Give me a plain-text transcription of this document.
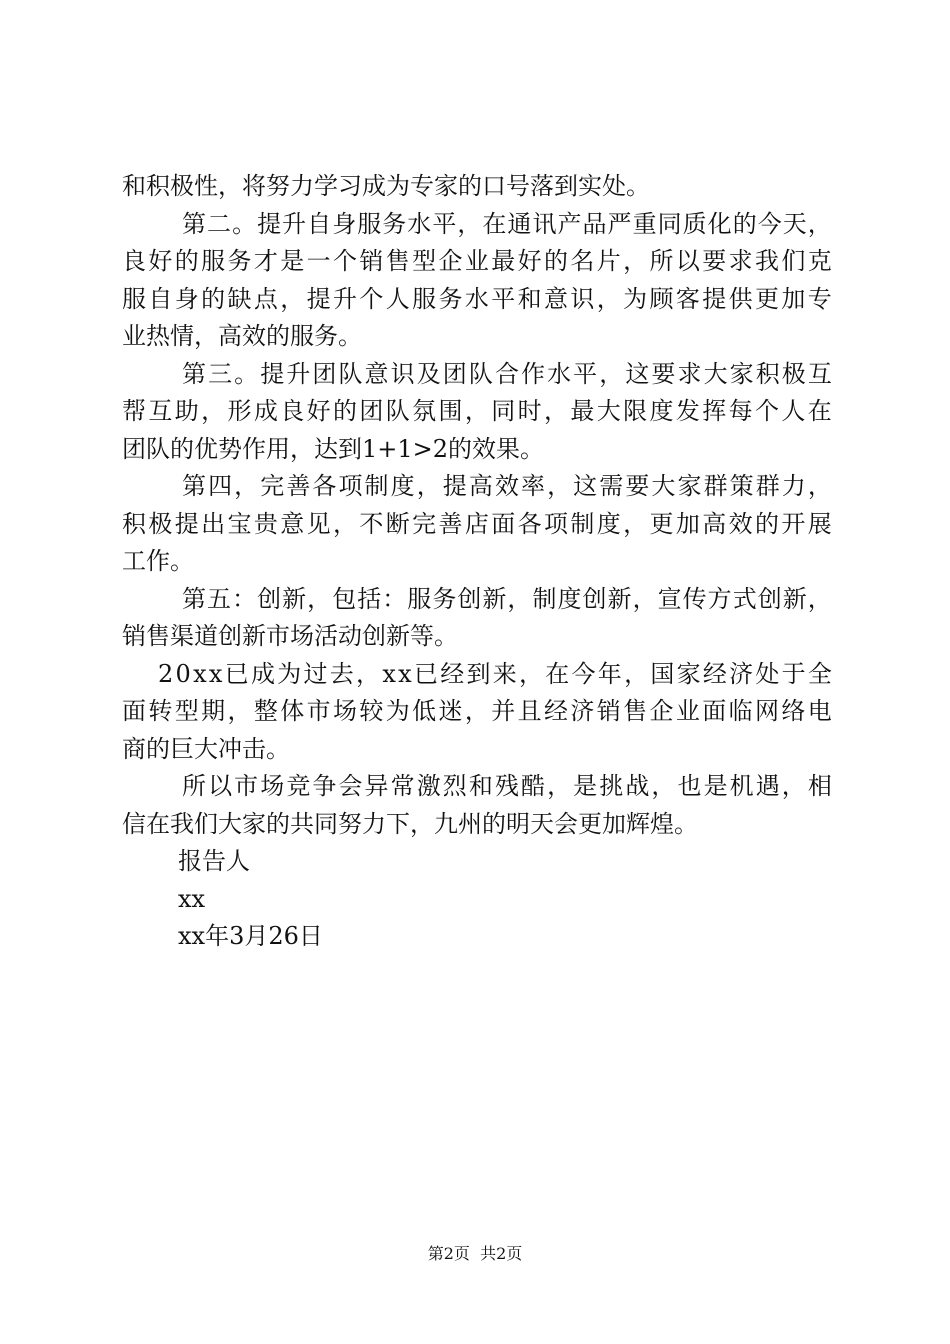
和积极性，将努力学习成为专家的口号落到实处。
第 二 。 提 升 自 身 服 务 水 平 ， 在 通 讯 产 品 严 重 同 质 化 的 今 天 ，
良 好 的 服 务 才 是 一 个 销 售 型 企 业 最 好 的 名 片 ， 所 以 要 求 我 们 克
服 自 身 的 缺 点 ， 提 升 个 人 服 务 水 平 和 意 识 ， 为 顾 客 提 供 更 加 专
业热情，高效的服务。
第 三 。 提 升 团 队 意 识 及 团 队 合 作 水 平 ， 这 要 求 大 家 积 极 互
帮 互 助 ， 形 成 良 好 的 团 队 氛 围 ， 同 时 ， 最 大 限 度 发 挥 每 个 人 在
团队的优势作用，达到1+1>2的效果。
第 四 ， 完 善 各 项 制 度 ， 提 高 效 率 ， 这 需 要 大 家 群 策 群 力 ，
积 极 提 出 宝 贵 意 见 ， 不 断 完 善 店 面 各 项 制 度 ， 更 加 高 效 的 开 展
工作。
第 五 ： 创 新 ， 包 括 ： 服 务 创 新 ， 制 度 创 新 ， 宣 传 方 式 创 新 ，
销售渠道创新市场活动创新等。
2 0 x x 已 成 为 过 去 ， x x 已 经 到 来 ， 在 今 年 ， 国 家 经 济 处 于 全
面 转 型 期 ， 整 体 市 场 较 为 低 迷 ， 并 且 经 济 销 售 企 业 面 临 网 络 电
商的巨大冲击。
所 以 市 场 竞 争 会 异 常 激 烈 和 残 酷 ， 是 挑 战 ， 也 是 机 遇 ， 相
信在我们大家的共同努力下，九州的明天会更加辉煌。
报告人
xx
xx年3月26日
第2页  共2页
